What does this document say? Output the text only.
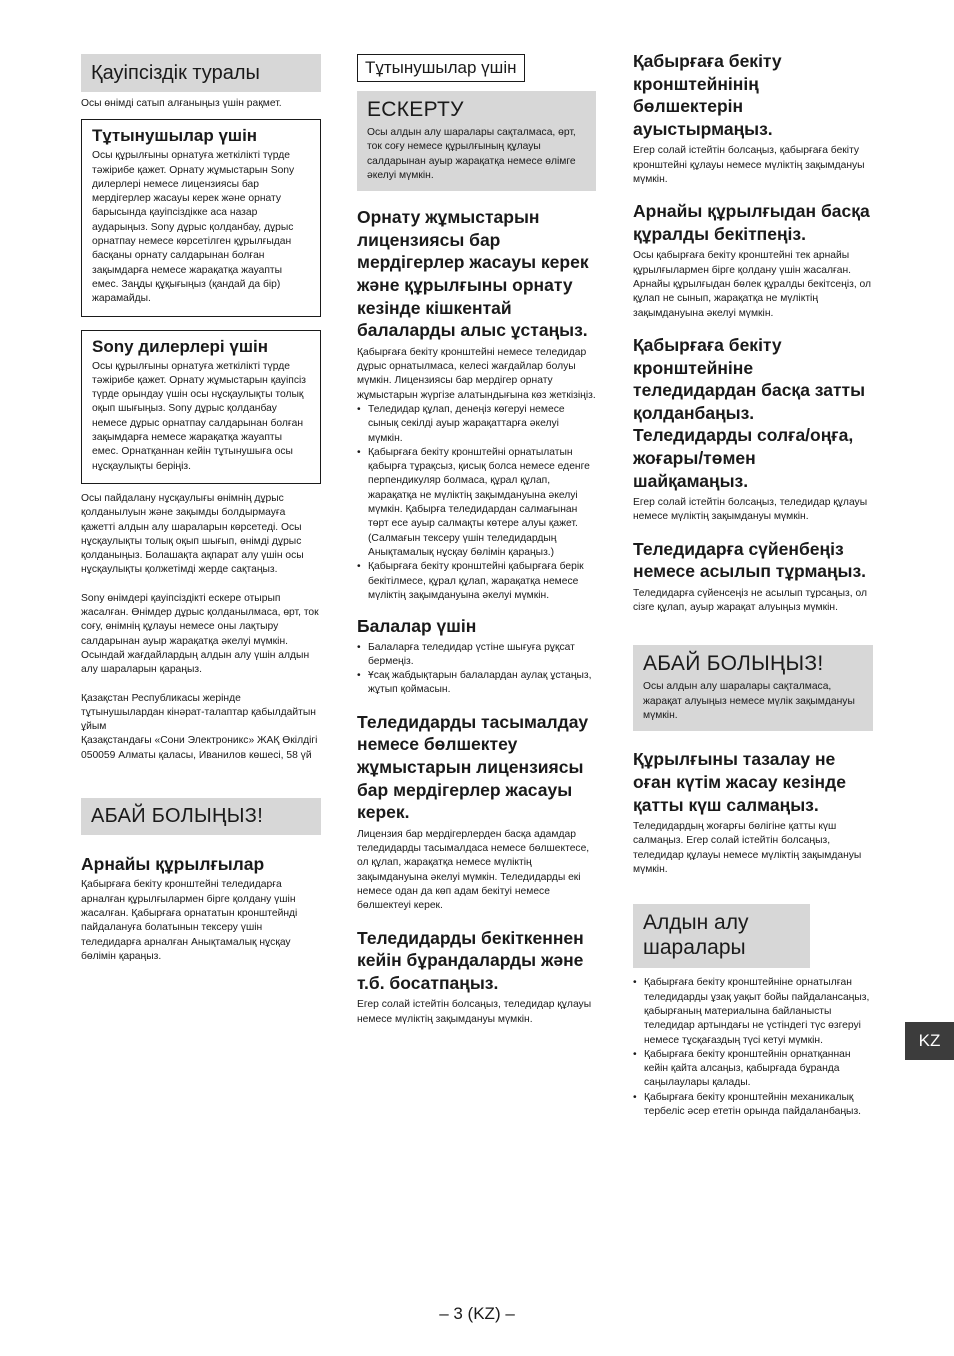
Қауіпсіздік туралы

Осы өнімді сатып алғаныңыз үшін рақмет.

Тұтынушылар үшін

Осы құрылғыны орнатуға жеткілікті түрде тәжірибе қажет. Орнату жұмыстарын Sony дилерлері немесе лицензиясы бар мердігерлер жасауы керек және орнату барысында қауіпсіздікке аса назар аударыңыз. Sony дұрыс қолданбау, дұрыс орнатпау немесе көрсетілген құрылғыдан басқаны орнату салдарынан болған зақымдарға немесе жарақатқа жауапты емес. Заңды құқығыңыз (қандай да бір) жарамайды.

Sony дилерлері үшін

Осы құрылғыны орнатуға жеткілікті түрде тәжірибе қажет. Орнату жұмыстарын қауіпсіз түрде орындау үшін осы нұсқаулықты толық оқып шығыңыз. Sony дұрыс қолданбау немесе дұрыс орнатпау салдарынан болған зақымдарға немесе жарақатқа жауапты емес. Орнатқаннан кейін тұтынушыға осы нұсқаулықты беріңіз.

Осы пайдалану нұсқаулығы өнімнің дұрыс қолданылуын және зақымды болдырмауға қажетті алдын алу шараларын көрсетеді. Осы нұсқаулықты толық оқып шығып, өнімді дұрыс қолданыңыз. Болашақта ақпарат алу үшін осы нұсқаулықты қолжетімді жерде сақтаңыз.

Sony өнімдері қауіпсіздікті ескере отырып жасалған. Өнімдер дұрыс қолданылмаса, өрт, ток соғу, өнімнің құлауы немесе оны лақтыру салдарынан ауыр жарақатқа әкелуі мүмкін. Осындай жағдайлардың алдын алу үшін алдын алу шараларын қараңыз.

Қазақстан Республикасы жерінде тұтынушылардан кінәрат-талаптар қабылдайтын ұйым

Қазақстандағы «Сони Электроникс» ЖАҚ Өкілдігі

050059 Алматы қаласы, Иванилов көшесі, 58 үй

АБАЙ БОЛЫҢЫЗ!
Арнайы құрылғылар

Қабырғаға бекіту кронштейні теледидарға арналған құрылғылармен бірге қолдану үшін жасалған. Қабырғаға орнататын кронштейнді пайдалануға болатынын тексеру үшін теледидарға арналған Анықтамалық нұсқау бөлімін қараңыз.

Тұтынушылар үшін
ЕСКЕРТУ

Осы алдын алу шаралары сақталмаса, өрт, ток соғу немесе құрылғының құлауы салдарынан ауыр жарақатқа немесе өлімге әкелуі мүмкін.

Орнату жұмыстарын лицензиясы бар мердігерлер жасауы керек және құрылғыны орнату кезінде кішкентай балаларды алыс ұстаңыз.

Қабырғаға бекіту кронштейні немесе теледидар дұрыс орнатылмаса, келесі жағдайлар болуы мүмкін. Лицензиясы бар мердігер орнату жұмыстарын жүргізе алатындығына көз жеткізіңіз.

• Теледидар құлап, денеңіз көгеруі немесе сынық секілді ауыр жарақаттарға әкелуі мүмкін.
• Қабырғаға бекіту кронштейні орнатылатын қабырға тұрақсыз, қисық болса немесе еденге перпендикуляр болмаса, құрал құлап, жарақатқа не мүліктің зақымдануына әкелуі мүмкін. Қабырға теледидардан салмағынан төрт есе ауыр салмақты көтере алуы қажет. (Салмағын тексеру үшін теледидардың Анықтамалық нұсқау бөлімін қараңыз.)
• Қабырғаға бекіту кронштейні қабырғаға берік бекітілмесе, құрал құлап, жарақатқа немесе мүліктің зақымдануына әкелуі мүмкін.
Балалар үшін
• Балаларға теледидар үстіне шығуға рұқсат бермеңіз.
• Ұсақ жабдықтарын балалардан аулақ ұстаңыз, жұтып қоймасын.
Теледидарды тасымалдау немесе бөлшектеу жұмыстарын лицензиясы бар мердігерлер жасауы керек.

Лицензия бар мердігерлерден басқа адамдар теледидарды тасымалдаса немесе бөлшектесе, ол құлап, жарақатқа немесе мүліктің зақымдануына әкелуі мүмкін. Теледидарды екі немесе одан да көп адам бекітуі немесе бөлшектеуі керек.

Теледидарды бекіткеннен кейін бұрандаларды және т.б. босатпаңыз.

Егер солай істейтін болсаңыз, теледидар құлауы немесе мүліктің зақымдануы мүмкін.

Қабырғаға бекіту кронштейнінің бөлшектерін ауыстырмаңыз.

Егер солай істейтін болсаңыз, қабырғаға бекіту кронштейні құлауы немесе мүліктің зақымдануы мүмкін.

Арнайы құрылғыдан басқа құралды бекітпеңіз.

Осы қабырғаға бекіту кронштейні тек арнайы құрылғылармен бірге қолдану үшін жасалған. Арнайы құрылғыдан бөлек құралды бекітсеңіз, ол құлап не сынып, жарақатқа не мүліктің зақымдануына әкелуі мүмкін.

Қабырғаға бекіту кронштейніне теледидардан басқа затты қолданбаңыз. Теледидарды солға/оңға, жоғары/төмен шайқамаңыз.

Егер солай істейтін болсаңыз, теледидар құлауы немесе мүліктің зақымдануы мүмкін.

Теледидарға сүйенбеңіз немесе асылып тұрмаңыз.

Теледидарға сүйенсеңіз не асылып тұрсаңыз, ол сізге құлап, ауыр жарақат алуыңыз мүмкін.

АБАЙ БОЛЫҢЫЗ!

Осы алдын алу шаралары сақталмаса, жарақат алуыңыз немесе мүлік зақымдануы мүмкін.

Құрылғыны тазалау не оған күтім жасау кезінде қатты күш салмаңыз.

Теледидардың жоғарғы бөлігіне қатты күш салмаңыз. Егер солай істейтін болсаңыз, теледидар құлауы немесе мүліктің зақымдануы мүмкін.

Алдын алу шаралары
• Қабырғаға бекіту кронштейніне орнатылған теледидарды ұзақ уақыт бойы пайдалансаңыз, қабырғаның материалына байланысты теледидар артындағы не үстіндегі түс өзгеруі немесе тұсқағаздың түсі кетуі мүмкін.
• Қабырғаға бекіту кронштейнін орнатқаннан кейін қайта алсаңыз, қабырғада бұранда саңылаулары қалады.
• Қабырғаға бекіту кронштейнін механикалық тербеліс әсер ететін орында пайдаланбаңыз.
KZ
– 3 (KZ) –
